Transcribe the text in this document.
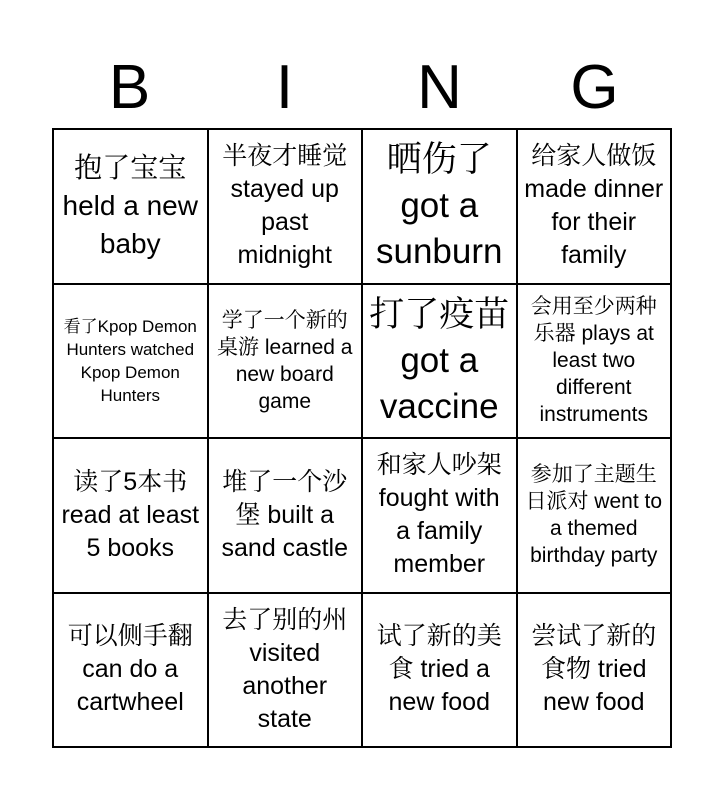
B	I	N	G
抱了宝宝 held a new baby
半夜才睡觉 stayed up past midnight
晒伤了 got a sunburn
给家人做饭 made dinner for their family
看了Kpop Demon Hunters watched Kpop Demon Hunters
学了一个新的桌游 learned a new board game
打了疫苗 got a vaccine
会用至少两种乐器 plays at least two different instruments
读了5本书 read at least 5 books
堆了一个沙堡 built a sand castle
和家人吵架 fought with a family member
参加了主题生日派对 went to a themed birthday party
可以侧手翻 can do a cartwheel
去了别的州 visited another state
试了新的美食 tried a new food
尝试了新的食物 tried new food
